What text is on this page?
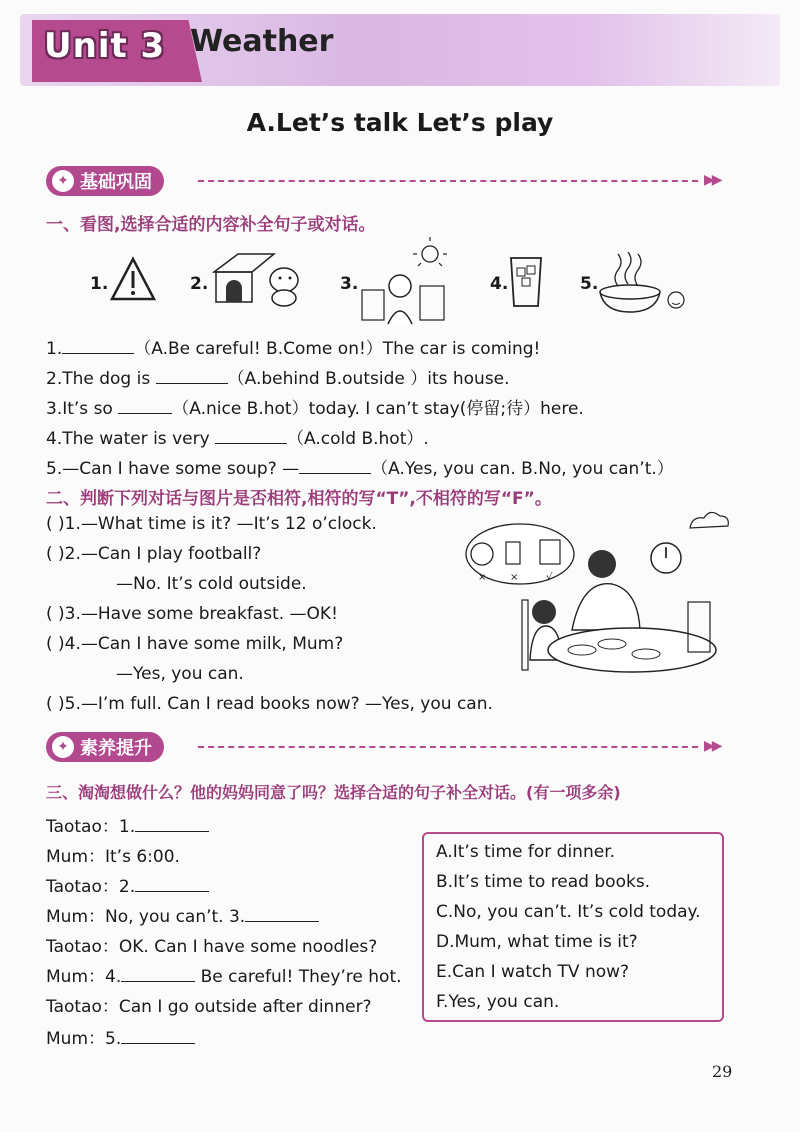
Unit 3 Weather
A.Let’s talk Let’s play
✦ 基础巩固	▶▶
一、看图,选择合适的内容补全句子或对话。
1.	2.	3.	4.	5.
1.	（A.Be careful! B.Come on!）The car is coming!
2.The dog is	（A.behind B.outside ）its house.
3.It’s so	（A.nice B.hot）today. I can’t stay(停留;待）here.
4.The water is very	（A.cold B.hot）.
5.—Can I have some soup? —	（A.Yes, you can. B.No, you can’t.）
二、判断下列对话与图片是否相符,相符的写“T”,不相符的写“F”。
( )1.—What time is it? —It’s 12 o’clock.
( )2.—Can I play football?
—No. It’s cold outside.
( )3.—Have some breakfast. —OK!
( )4.—Can I have some milk, Mum?
—Yes, you can.
( )5.—I’m full. Can I read books now? —Yes, you can.
× ×	√
✦ 素养提升	▶▶
三、淘淘想做什么？他的妈妈同意了吗？选择合适的句子补全对话。(有一项多余)
Taotao：1.
Mum：It’s 6:00.
Taotao：2.
Mum：No, you can’t. 3.
Taotao：OK. Can I have some noodles?
Mum：4.	Be careful! They’re hot.
Taotao：Can I go outside after dinner?
Mum：5.
A.It’s time for dinner.
B.It’s time to read books.
C.No, you can’t. It’s cold today.
D.Mum, what time is it?
E.Can I watch TV now?
F.Yes, you can.
29
